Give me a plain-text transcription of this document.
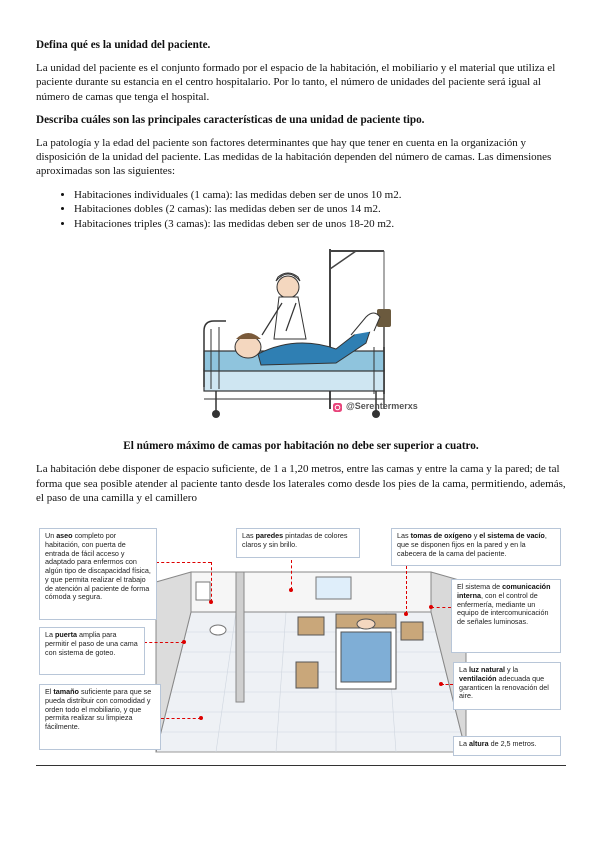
Defina qué es la unidad del paciente.

La unidad del paciente es el conjunto formado por el espacio de la habitación, el mobiliario y el material que utiliza el paciente durante su estancia en el centro hospitalario. Por lo tanto, el número de unidades del paciente será igual al número de camas que tenga el hospital.

Describa cuáles son las principales características de una unidad de paciente tipo.

La patología y la edad del paciente son factores determinantes que hay que tener en cuenta en la organización y disposición de la unidad del paciente. Las medidas de la habitación dependen del número de camas. Las dimensiones aproximadas son las siguientes:

• Habitaciones individuales (1 cama): las medidas deben ser de unos 10 m2.
• Habitaciones dobles (2 camas): las medidas deben ser de unos 14 m2.
• Habitaciones triples (3 camas): las medidas deben ser de unos 18-20 m2.
@Serentermerxs
El número máximo de camas por habitación no debe ser superior a cuatro.

La habitación debe disponer de espacio suficiente, de 1 a 1,20 metros, entre las camas y entre la cama y la pared; de tal forma que sea posible atender al paciente tanto desde los laterales como desde los pies de la cama, permitiendo, además, el paso de una camilla y el camillero

Un aseo completo por habitación, con puerta de entrada de fácil acceso y adaptado para enfermos con algún tipo de discapacidad física, y que permita realizar el trabajo de atención al paciente de forma cómoda y segura.
La puerta amplia para permitir el paso de una cama con sistema de goteo.
El tamaño suficiente para que se pueda distribuir con comodidad y orden todo el mobiliario, y que permita realizar su limpieza fácilmente.
Las paredes pintadas de colores claros y sin brillo.
Las tomas de oxígeno y el sistema de vacío, que se disponen fijos en la pared y en la cabecera de la cama del paciente.
El sistema de comunicación interna, con el control de enfermería, mediante un equipo de intercomunicación de señales luminosas.
La luz natural y la ventilación adecuada que garanticen la renovación del aire.
La altura de 2,5 metros.
